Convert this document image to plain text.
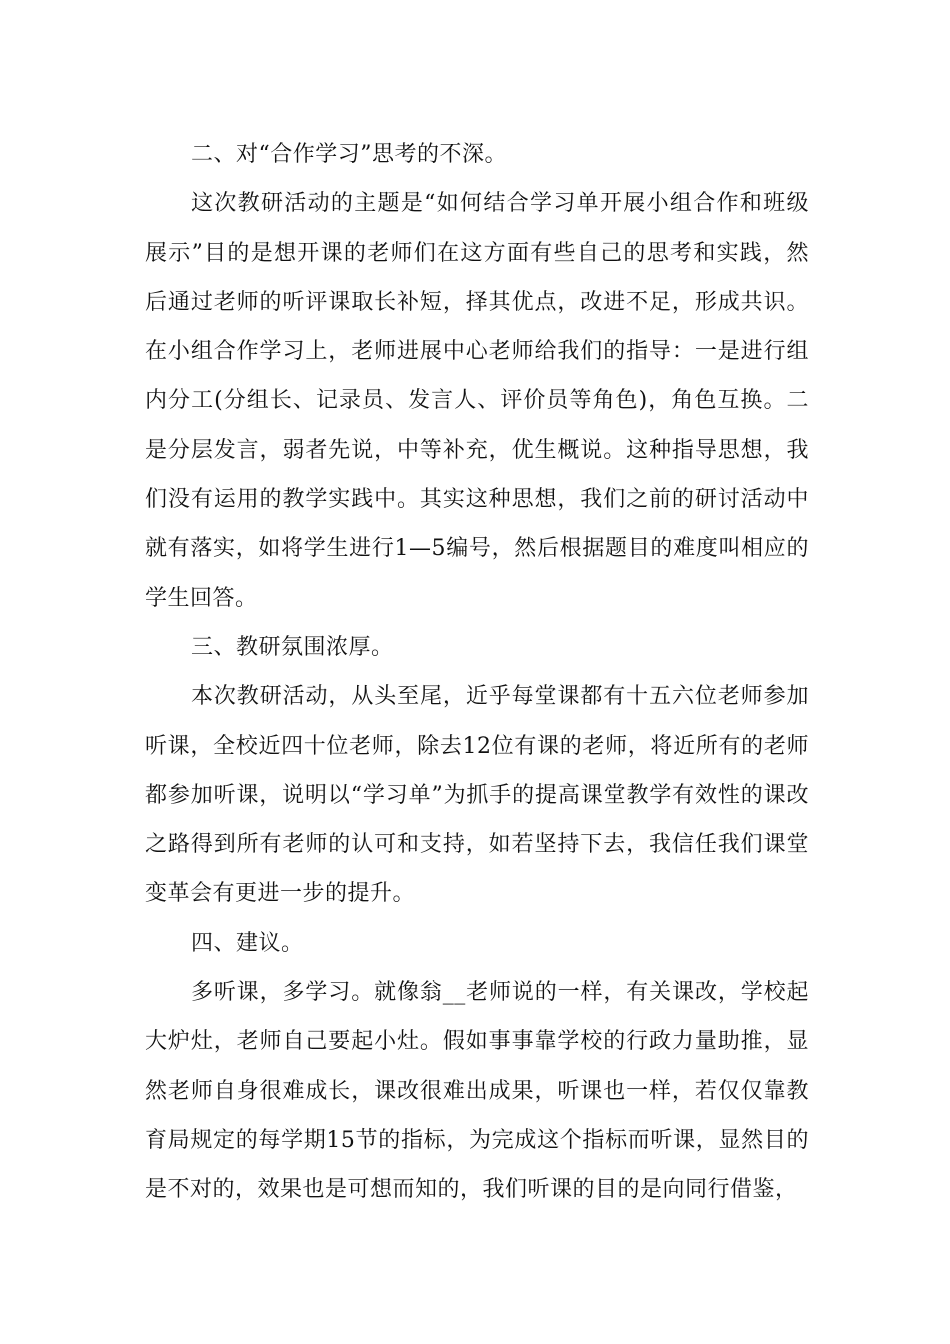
二、对“合作学习”思考的不深。

这次教研活动的主题是“如何结合学习单开展小组合作和班级展示”目的是想开课的老师们在这方面有些自己的思考和实践，然后通过老师的听评课取长补短，择其优点，改进不足，形成共识。在小组合作学习上，老师进展中心老师给我们的指导：一是进行组内分工(分组长、记录员、发言人、评价员等角色)，角色互换。二是分层发言，弱者先说，中等补充，优生概说。这种指导思想，我们没有运用的教学实践中。其实这种思想，我们之前的研讨活动中就有落实，如将学生进行1—5编号，然后根据题目的难度叫相应的学生回答。

三、教研氛围浓厚。

本次教研活动，从头至尾，近乎每堂课都有十五六位老师参加听课，全校近四十位老师，除去12位有课的老师，将近所有的老师都参加听课，说明以“学习单”为抓手的提高课堂教学有效性的课改之路得到所有老师的认可和支持，如若坚持下去，我信任我们课堂变革会有更进一步的提升。

四、建议。

多听课，多学习。就像翁__老师说的一样，有关课改，学校起大炉灶，老师自己要起小灶。假如事事靠学校的行政力量助推，显然老师自身很难成长，课改很难出成果，听课也一样，若仅仅靠教育局规定的每学期15节的指标，为完成这个指标而听课，显然目的是不对的，效果也是可想而知的，我们听课的目的是向同行借鉴，
